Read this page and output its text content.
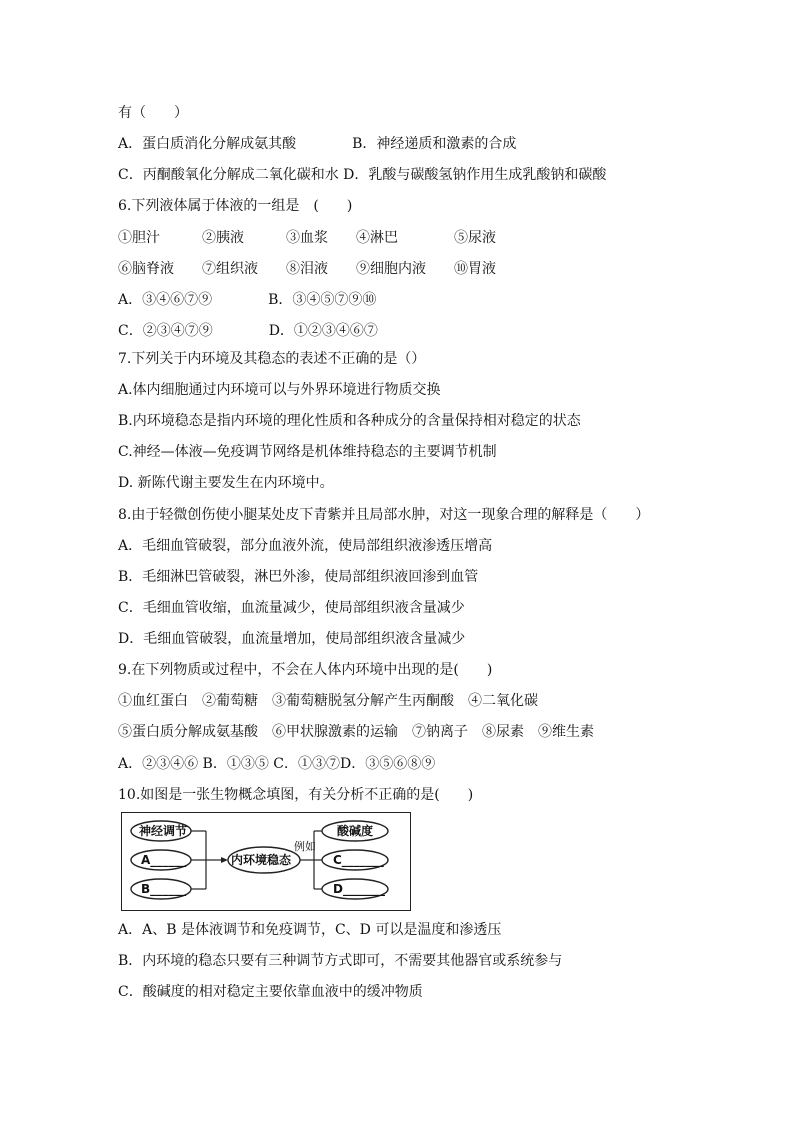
有（　　）
A．蛋白质消化分解成氨其酸　　　　B．神经递质和激素的合成
C．丙酮酸氧化分解成二氧化碳和水 D．乳酸与碳酸氢钠作用生成乳酸钠和碳酸
6.下列液体属于体液的一组是　(　　)
①胆汁　　　②胰液　　　③血浆　　④淋巴　　　　⑤尿液
⑥脑脊液　　⑦组织液　　⑧泪液　　⑨细胞内液　　⑩胃液
A．③④⑥⑦⑨　　　　B．③④⑤⑦⑨⑩
C．②③④⑦⑨　　　　D．①②③④⑥⑦
7.下列关于内环境及其稳态的表述不正确的是（）
A.体内细胞通过内环境可以与外界环境进行物质交换
B.内环境稳态是指内环境的理化性质和各种成分的含量保持相对稳定的状态
C.神经—体液—免疫调节网络是机体维持稳态的主要调节机制
D. 新陈代谢主要发生在内环境中。
8.由于轻微创伤使小腿某处皮下青紫并且局部水肿，对这一现象合理的解释是（　　）
A．毛细血管破裂，部分血液外流，使局部组织液渗透压增高
B．毛细淋巴管破裂，淋巴外渗，使局部组织液回渗到血管
C．毛细血管收缩，血流量减少，使局部组织液含量减少
D．毛细血管破裂，血流量增加，使局部组织液含量减少
9.在下列物质或过程中，不会在人体内环境中出现的是(　　)
①血红蛋白　②葡萄糖　③葡萄糖脱氢分解产生丙酮酸　④二氧化碳
⑤蛋白质分解成氨基酸　⑥甲状腺激素的运输　⑦钠离子　⑧尿素　⑨维生素
A．②③④⑥ B．①③⑤ C．①③⑦D．③⑤⑥⑧⑨
10.如图是一张生物概念填图，有关分析不正确的是(　　)
神经调节
A______
B______
内环境稳态
例如
酸碱度
C_______
D_______
A．A、B 是体液调节和免疫调节，C、D 可以是温度和渗透压
B．内环境的稳态只要有三种调节方式即可，不需要其他器官或系统参与
C．酸碱度的相对稳定主要依靠血液中的缓冲物质
